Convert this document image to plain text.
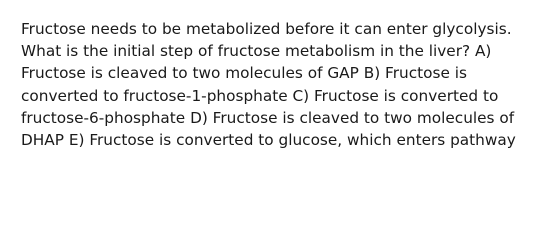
Fructose needs to be metabolized before it can enter glycolysis.
What is the initial step of fructose metabolism in the liver? A)
Fructose is cleaved to two molecules of GAP B) Fructose is
converted to fructose-1-phosphate C) Fructose is converted to
fructose-6-phosphate D) Fructose is cleaved to two molecules of
DHAP E) Fructose is converted to glucose, which enters pathway
